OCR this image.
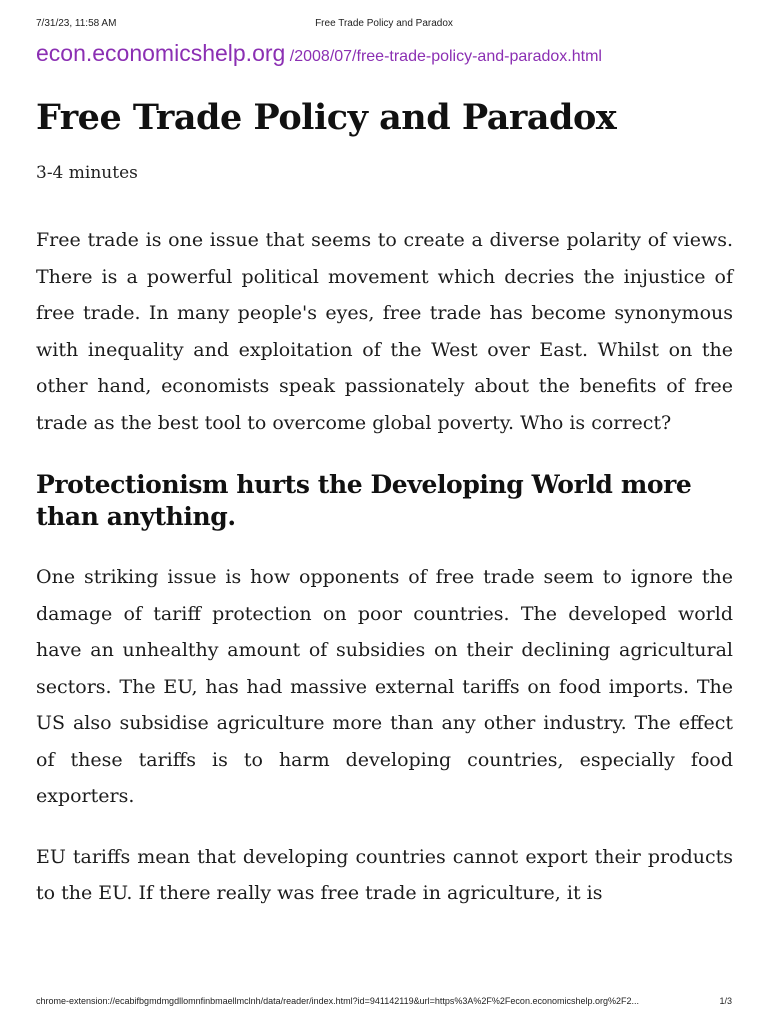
7/31/23, 11:58 AM	Free Trade Policy and Paradox
econ.economicshelp.org /2008/07/free-trade-policy-and-paradox.html
Free Trade Policy and Paradox
3-4 minutes

Free trade is one issue that seems to create a diverse polarity of views. There is a powerful political movement which decries the injustice of free trade. In many people's eyes, free trade has become synonymous with inequality and exploitation of the West over East. Whilst on the other hand, economists speak passionately about the benefits of free trade as the best tool to overcome global poverty. Who is correct?

Protectionism hurts the Developing World more than anything.

One striking issue is how opponents of free trade seem to ignore the damage of tariff protection on poor countries. The developed world have an unhealthy amount of subsidies on their declining agricultural sectors. The EU, has had massive external tariffs on food imports. The US also subsidise agriculture more than any other industry. The effect of these tariffs is to harm developing countries, especially food exporters.

EU tariffs mean that developing countries cannot export their products to the EU. If there really was free trade in agriculture, it is

chrome-extension://ecabifbgmdmgdllomnfinbmaellmclnh/data/reader/index.html?id=941142119&url=https%3A%2F%2Fecon.economicshelp.org%2F2...	1/3
